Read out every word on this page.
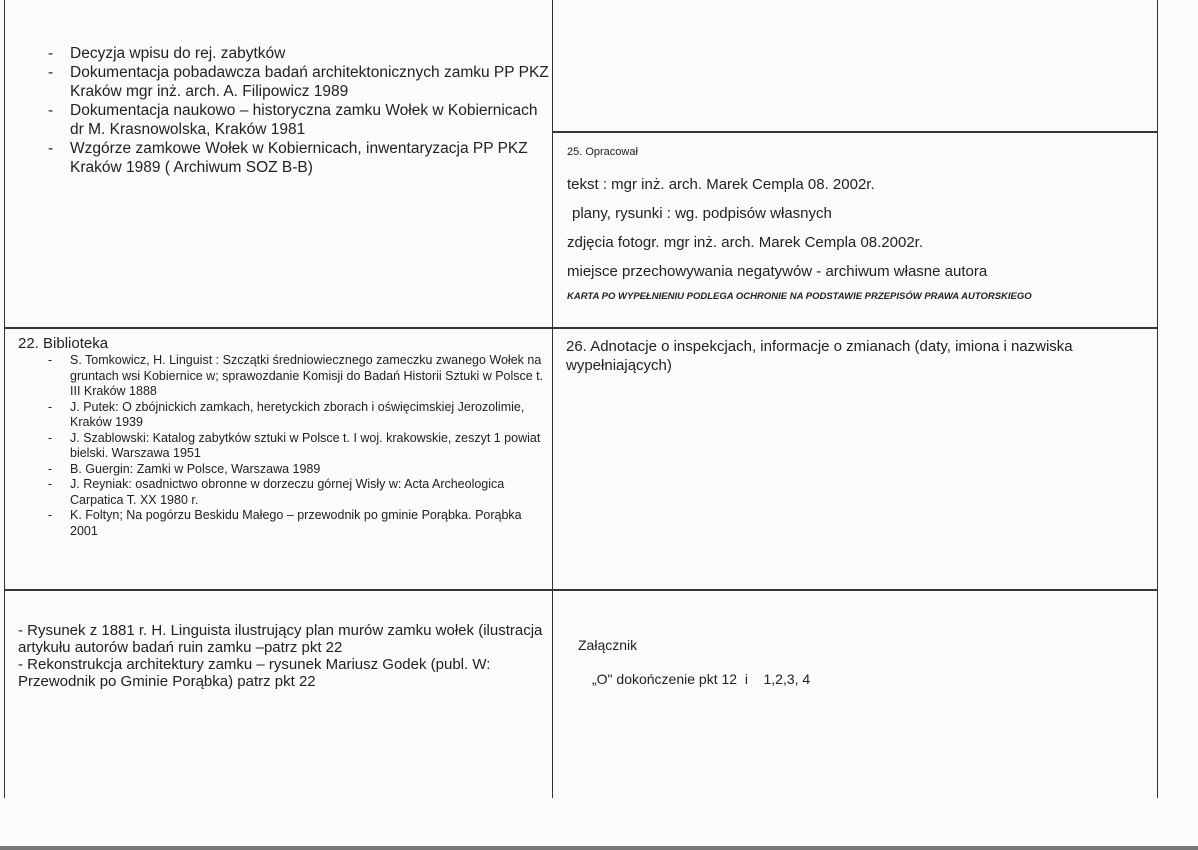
- Decyzja wpisu do rej. zabytków
- Dokumentacja pobadawcza badań architektonicznych zamku PP PKZ Kraków mgr inż. arch. A. Filipowicz 1989
- Dokumentacja naukowo – historyczna zamku Wołek w Kobiernicach dr M. Krasnowolska, Kraków 1981
- Wzgórze zamkowe Wołek w Kobiernicach, inwentaryzacja PP PKZ Kraków 1989 ( Archiwum SOZ B-B)
25. Opracował
tekst : mgr inż. arch. Marek Cempla 08. 2002r.
plany, rysunki : wg. podpisów własnych
zdjęcia fotogr. mgr inż. arch. Marek Cempla 08.2002r.
miejsce przechowywania negatywów - archiwum własne autora
KARTA PO WYPEŁNIENIU PODLEGA OCHRONIE NA PODSTAWIE PRZEPISÓW PRAWA AUTORSKIEGO
22. Biblioteka
- S. Tomkowicz, H. Linguist : Szczątki średniowiecznego zameczku zwanego Wołek na gruntach wsi Kobiernice w; sprawozdanie Komisji do Badań Historii Sztuki w Polsce t. III Kraków 1888
- J. Putek: O zbójnickich zamkach, heretyckich zborach i oświęcimskiej Jerozolimie, Kraków 1939
- J. Szablowski: Katalog zabytków sztuki w Polsce t. I woj. krakowskie, zeszyt 1 powiat bielski. Warszawa 1951
- B. Guergin: Zamki w Polsce, Warszawa 1989
- J. Reyniak: osadnictwo obronne w dorzeczu górnej Wisły w: Acta Archeologica Carpatica T. XX 1980 r.
- K. Foltyn; Na pogórzu Beskidu Małego – przewodnik po gminie Porąbka. Porąbka 2001
26. Adnotacje o inspekcjach, informacje o zmianach (daty, imiona i nazwiska wypełniających)
- Rysunek z 1881 r. H. Linguista ilustrujący plan murów zamku wołek (ilustracja artykułu autorów badań ruin zamku –patrz pkt 22
- Rekonstrukcja architektury zamku – rysunek Mariusz Godek (publ. W: Przewodnik po Gminie Porąbka) patrz pkt 22
Załącznik
„O" dokończenie pkt 12  i    1,2,3, 4
